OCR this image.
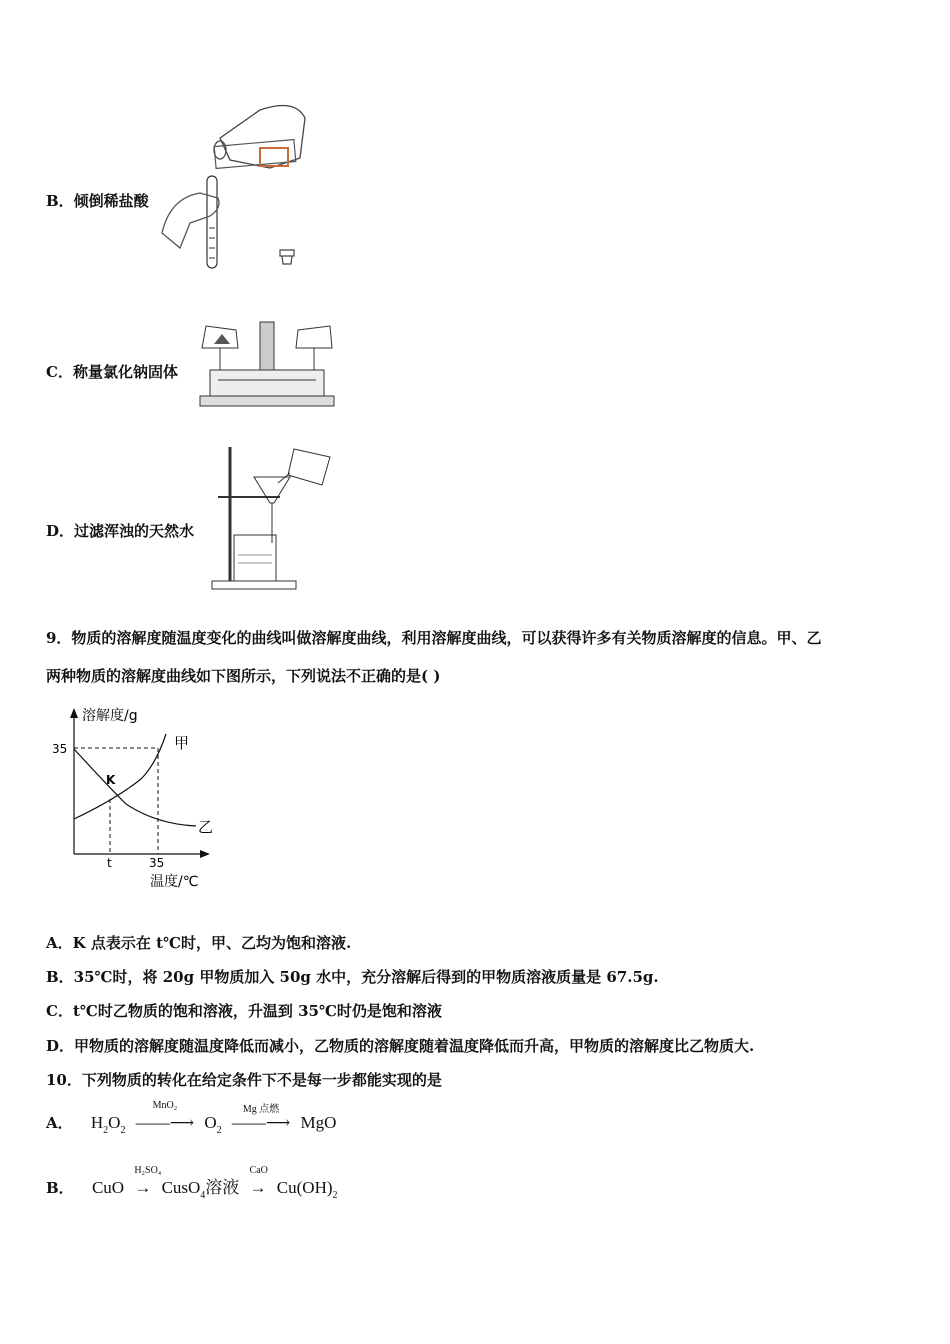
B．倾倒稀盐酸
C．称量氯化钠固体
D．过滤浑浊的天然水
9．物质的溶解度随温度变化的曲线叫做溶解度曲线，利用溶解度曲线，可以获得许多有关物质溶解度的信息。甲、乙
两种物质的溶解度曲线如下图所示，下列说法不正确的是( )
溶解度/g
温度/℃
35
t	35
甲
乙
K
A．K 点表示在 t℃时，甲、乙均为饱和溶液.
B．35℃时，将 20g 甲物质加入 50g 水中，充分溶解后得到的甲物质溶液质量是 67.5g.
C．t℃时乙物质的饱和溶液，升温到 35℃时仍是饱和溶液
D．甲物质的溶解度随温度降低而减小，乙物质的溶解度随着温度降低而升高，甲物质的溶解度比乙物质大.
10．下列物质的转化在给定条件下不是每一步都能实现的是
A． $H_2O_2$
MnO₂
——⟶ $O_2$
Mg 点燃
——⟶ MgO
B． CuO
H₂SO₄
→ CusO$_4$溶液
CaO
→ $Cu(OH)_2$
